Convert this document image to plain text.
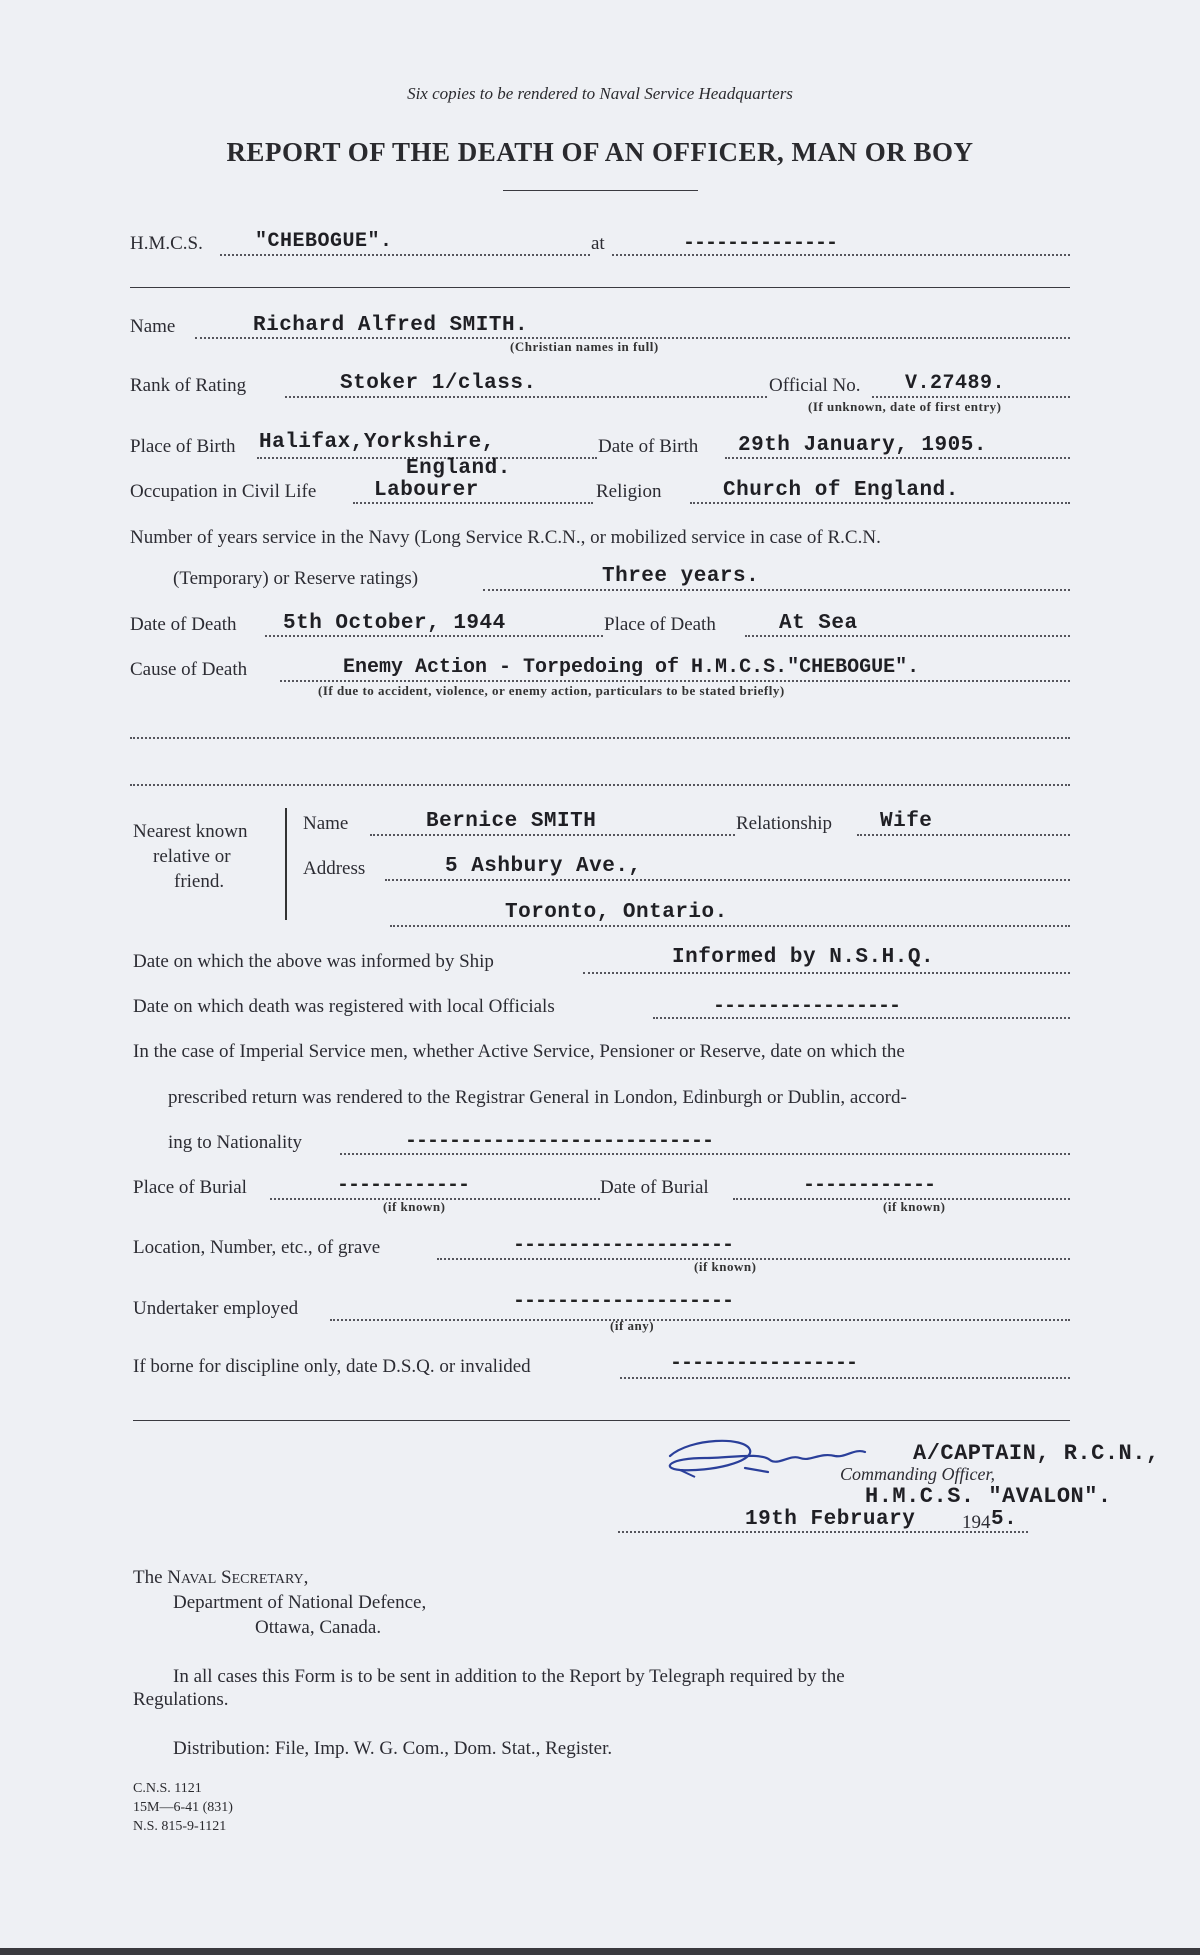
Six copies to be rendered to Naval Service Headquarters
REPORT OF THE DEATH OF AN OFFICER, MAN OR BOY
H.M.C.S.	"CHEBOGUE".	at	--------------
Name	Richard Alfred SMITH.
(Christian names in full)
Rank of Rating	Stoker 1/class.	Official No. V.27489.
(If unknown, date of first entry)
Place of Birth Halifax,Yorkshire,
England.
Date of Birth 29th January, 1905.
Occupation in Civil Life	Labourer	Religion	Church of England.
Number of years service in the Navy (Long Service R.C.N., or mobilized service in case of R.C.N.
(Temporary) or Reserve ratings)	Three years.
Date of Death 5th October, 1944	Place of Death	At Sea
Cause of Death	Enemy Action - Torpedoing of H.M.C.S."CHEBOGUE".
(If due to accident, violence, or enemy action, particulars to be stated briefly)
Nearest known
relative or
friend.
Name	Bernice SMITH	Relationship Wife
Address	5 Ashbury Ave.,
Toronto, Ontario.
Date on which the above was informed by Ship	Informed by N.S.H.Q.
Date on which death was registered with local Officials	-----------------
In the case of Imperial Service men, whether Active Service, Pensioner or Reserve, date on which the
prescribed return was rendered to the Registrar General in London, Edinburgh or Dublin, accord-
ing to Nationality	----------------------------
Place of Burial	------------
(if known)
Date of Burial	------------
(if known)
Location, Number, etc., of grave	--------------------
(if known)
Undertaker employed	--------------------
(if any)
If borne for discipline only, date D.S.Q. or invalided	-----------------
A/CAPTAIN, R.C.N.,
Commanding Officer,
H.M.C.S. "AVALON".
19th February 194 5.
The NAVAL SECRETARY,
Department of National Defence,
Ottawa, Canada.
In all cases this Form is to be sent in addition to the Report by Telegraph required by the
Regulations.
Distribution: File, Imp. W. G. Com., Dom. Stat., Register.
C.N.S. 1121
15M—6-41 (831)
N.S. 815-9-1121
